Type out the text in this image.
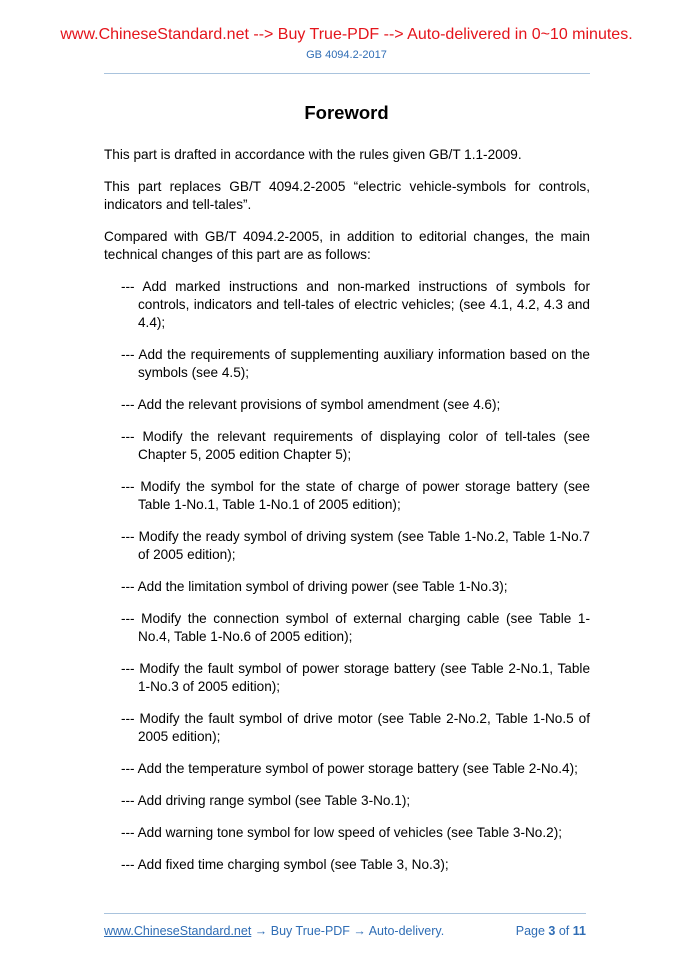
www.ChineseStandard.net --> Buy True-PDF --> Auto-delivered in 0~10 minutes.
GB 4094.2-2017
Foreword

This part is drafted in accordance with the rules given GB/T 1.1-2009.

This part replaces GB/T 4094.2-2005 “electric vehicle-symbols for controls, indicators and tell-tales”.

Compared with GB/T 4094.2-2005, in addition to editorial changes, the main technical changes of this part are as follows:

--- Add marked instructions and non-marked instructions of symbols for controls, indicators and tell-tales of electric vehicles; (see 4.1, 4.2, 4.3 and 4.4);
--- Add the requirements of supplementing auxiliary information based on the symbols (see 4.5);
--- Add the relevant provisions of symbol amendment (see 4.6);
--- Modify the relevant requirements of displaying color of tell-tales (see Chapter 5, 2005 edition Chapter 5);
--- Modify the symbol for the state of charge of power storage battery (see Table 1-No.1, Table 1-No.1 of 2005 edition);
--- Modify the ready symbol of driving system (see Table 1-No.2, Table 1-No.7 of 2005 edition);
--- Add the limitation symbol of driving power (see Table 1-No.3);
--- Modify the connection symbol of external charging cable (see Table 1-No.4, Table 1-No.6 of 2005 edition);
--- Modify the fault symbol of power storage battery (see Table 2-No.1, Table 1-No.3 of 2005 edition);
--- Modify the fault symbol of drive motor (see Table 2-No.2, Table 1-No.5 of 2005 edition);
--- Add the temperature symbol of power storage battery (see Table 2-No.4);
--- Add driving range symbol (see Table 3-No.1);
--- Add warning tone symbol for low speed of vehicles (see Table 3-No.2);
--- Add fixed time charging symbol (see Table 3, No.3);
www.ChineseStandard.net → Buy True-PDF → Auto-delivery.	Page 3 of 11
